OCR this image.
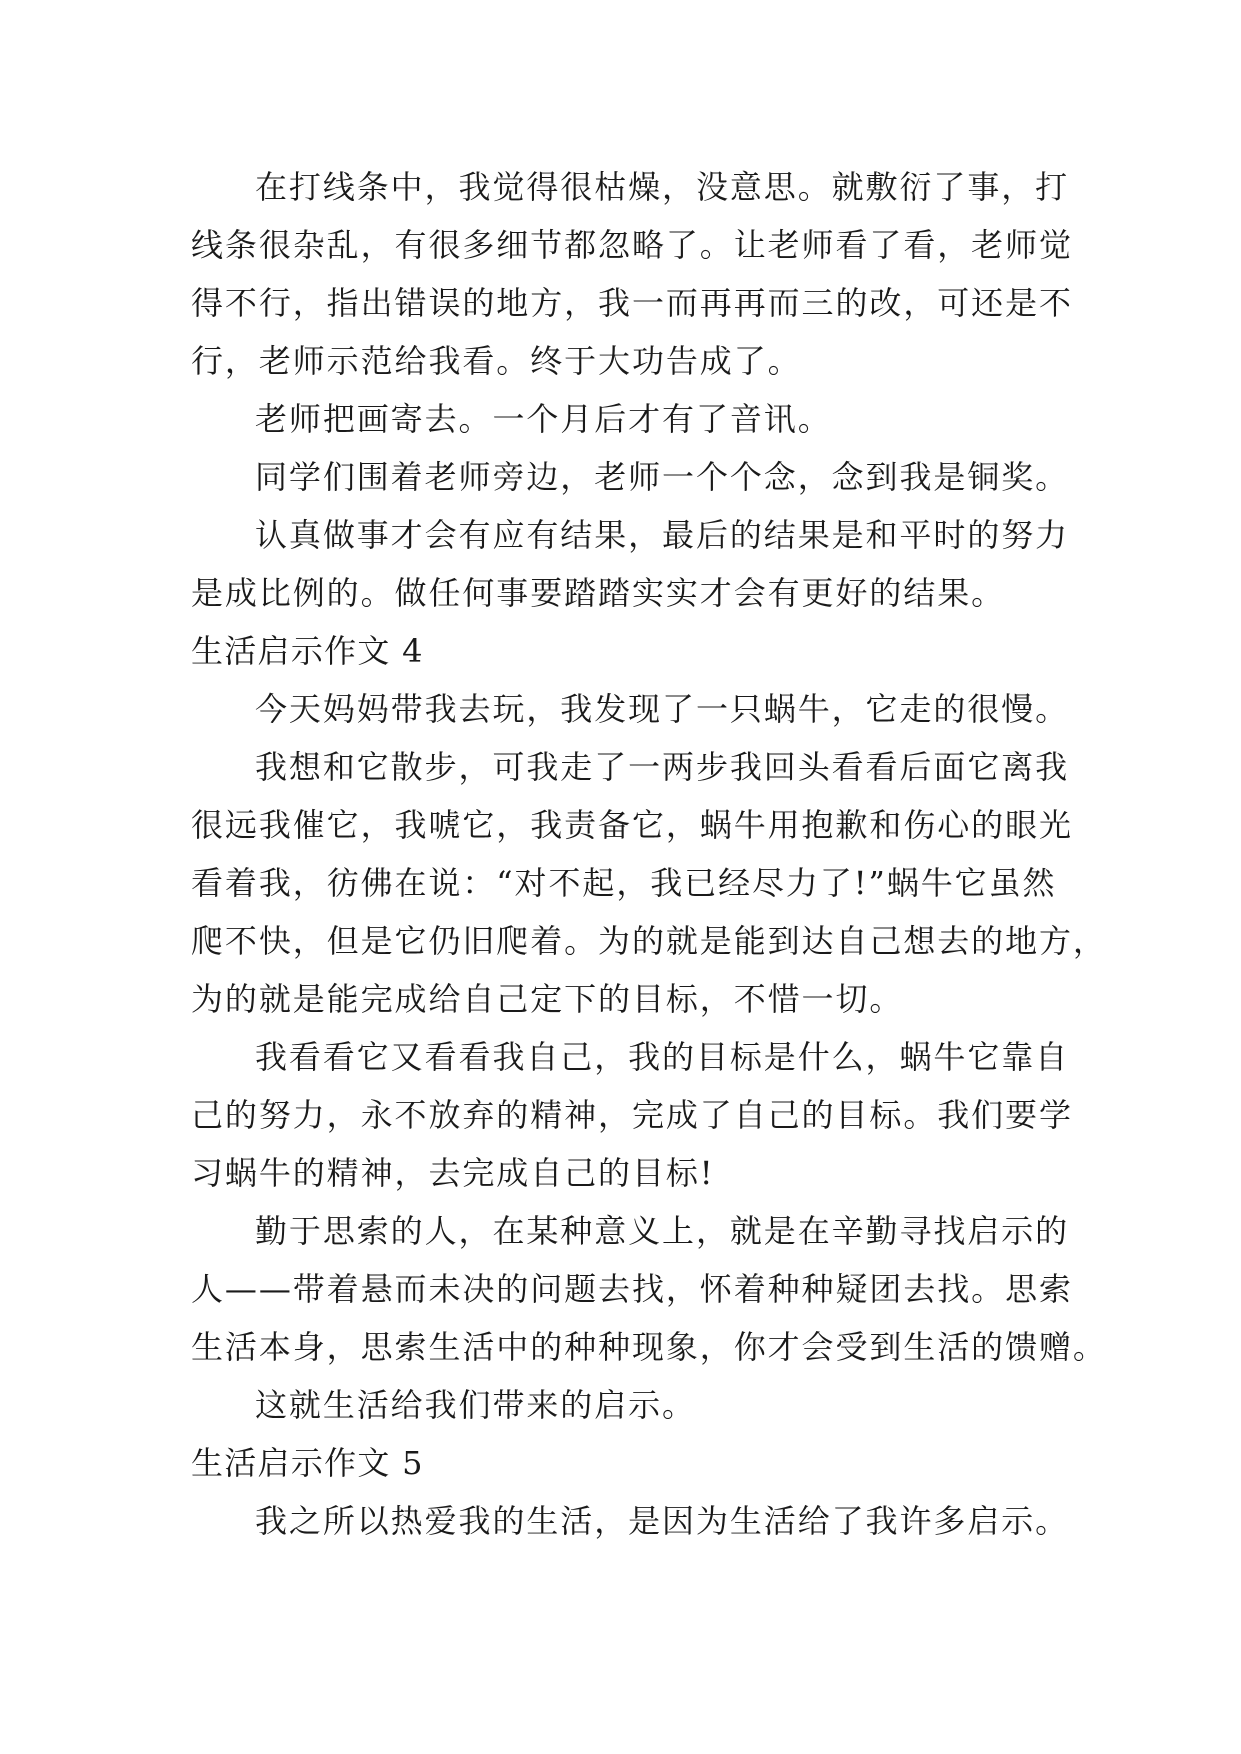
在打线条中，我觉得很枯燥，没意思。就敷衍了事，打
线条很杂乱，有很多细节都忽略了。让老师看了看，老师觉
得不行，指出错误的地方，我一而再再而三的改，可还是不
行，老师示范给我看。终于大功告成了。
老师把画寄去。一个月后才有了音讯。
同学们围着老师旁边，老师一个个念，念到我是铜奖。
认真做事才会有应有结果，最后的结果是和平时的努力
是成比例的。做任何事要踏踏实实才会有更好的结果。
生活启示作文 4
今天妈妈带我去玩，我发现了一只蜗牛，它走的很慢。
我想和它散步，可我走了一两步我回头看看后面它离我
很远我催它，我唬它，我责备它，蜗牛用抱歉和伤心的眼光
看着我，彷佛在说：“对不起，我已经尽力了!”蜗牛它虽然
爬不快，但是它仍旧爬着。为的就是能到达自己想去的地方，
为的就是能完成给自己定下的目标，不惜一切。
我看看它又看看我自己，我的目标是什么，蜗牛它靠自
己的努力，永不放弃的精神，完成了自己的目标。我们要学
习蜗牛的精神，去完成自己的目标!
勤于思索的人，在某种意义上，就是在辛勤寻找启示的
人——带着悬而未决的问题去找，怀着种种疑团去找。思索
生活本身，思索生活中的种种现象，你才会受到生活的馈赠。
这就生活给我们带来的启示。
生活启示作文 5
我之所以热爱我的生活，是因为生活给了我许多启示。
